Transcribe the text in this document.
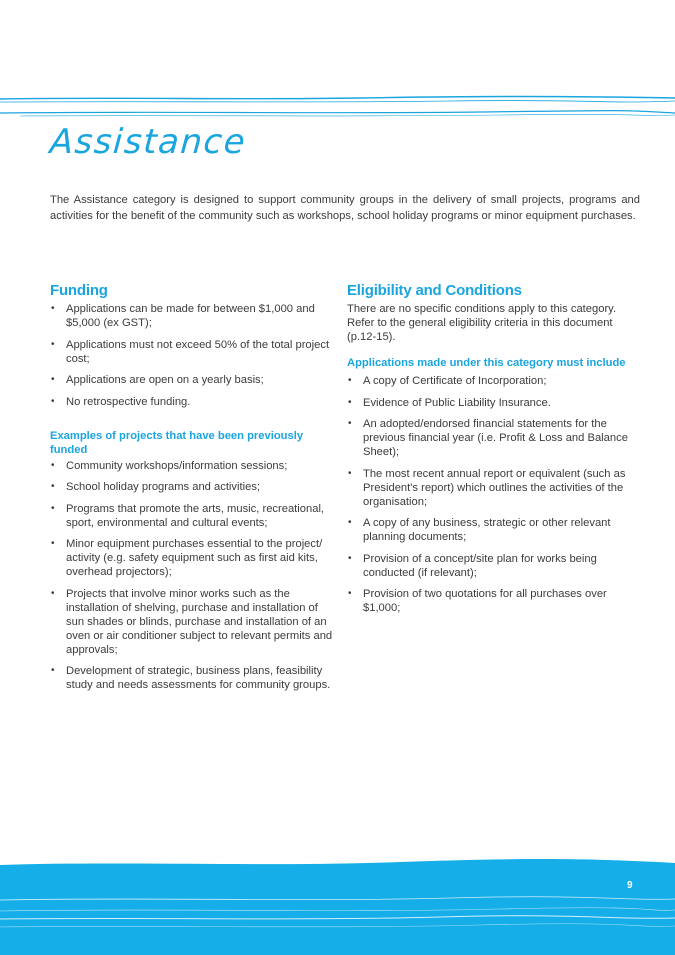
Assistance

The Assistance category is designed to support community groups in the delivery of small projects, programs and activities for the benefit of the community such as workshops, school holiday programs or minor equipment purchases.

Funding
• Applications can be made for between $1,000 and $5,000 (ex GST);
• Applications must not exceed 50% of the total project cost;
• Applications are open on a yearly basis;
• No retrospective funding.
Examples of projects that have been previously funded
• Community workshops/information sessions;
• School holiday programs and activities;
• Programs that promote the arts, music, recreational, sport, environmental and cultural events;
• Minor equipment purchases essential to the project/ activity (e.g. safety equipment such as first aid kits, overhead projectors);
• Projects that involve minor works such as the installation of shelving, purchase and installation of sun shades or blinds, purchase and installation of an oven or air conditioner subject to relevant permits and approvals;
• Development of strategic, business plans, feasibility study and needs assessments for community groups.
Eligibility and Conditions

There are no specific conditions apply to this category. Refer to the general eligibility criteria in this document (p.12-15).

Applications made under this category must include
• A copy of Certificate of Incorporation;
• Evidence of Public Liability Insurance.
• An adopted/endorsed financial statements for the previous financial year (i.e. Profit & Loss and Balance Sheet);
• The most recent annual report or equivalent (such as President's report) which outlines the activities of the organisation;
• A copy of any business, strategic or other relevant planning documents;
• Provision of a concept/site plan for works being conducted (if relevant);
• Provision of two quotations for all purchases over $1,000;
9
